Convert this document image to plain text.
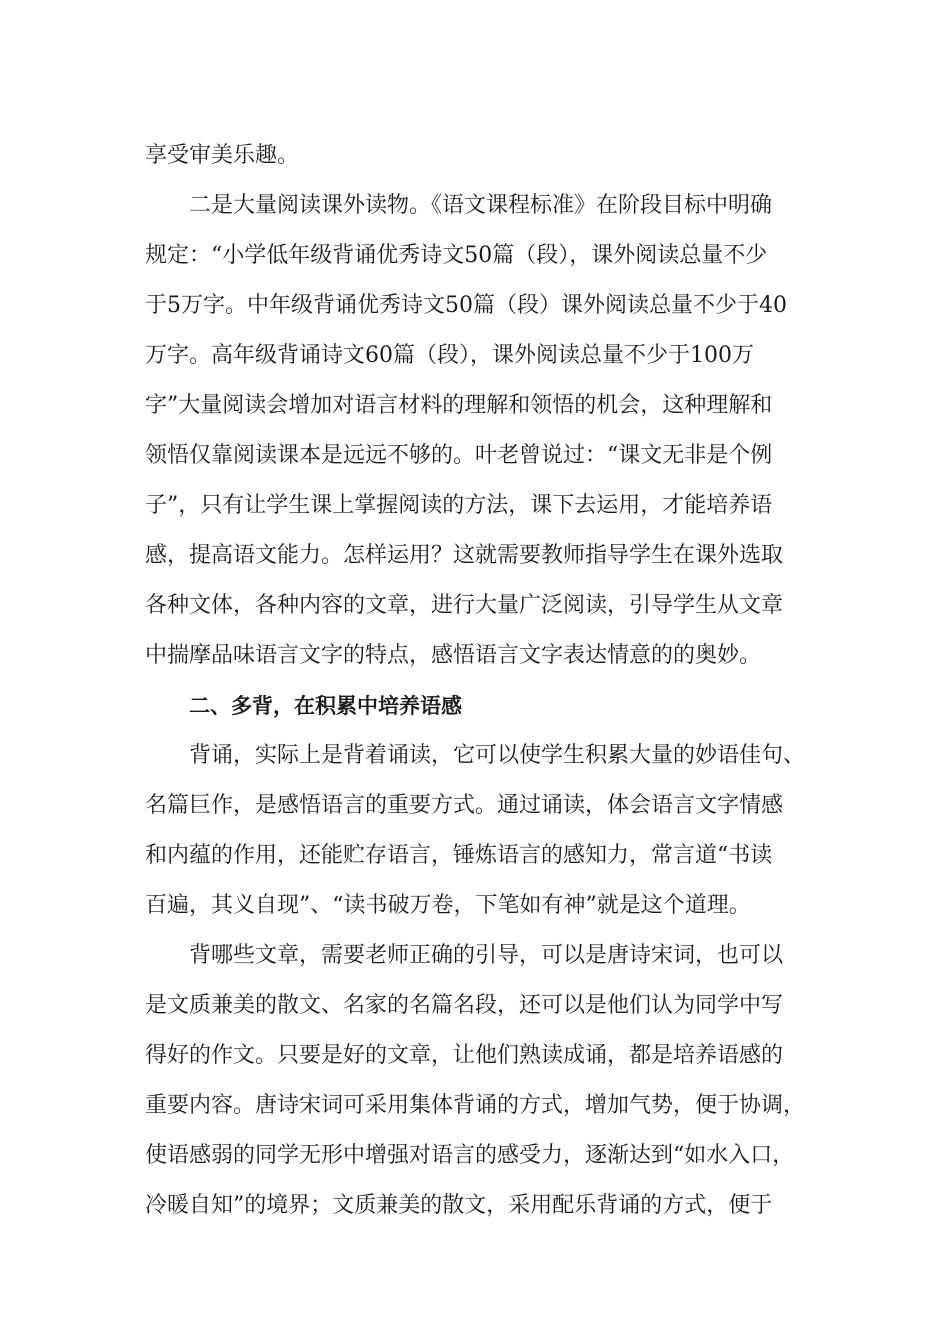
享受审美乐趣。
二是大量阅读课外读物。《语文课程标准》在阶段目标中明确
规定：“小学低年级背诵优秀诗文50篇（段），课外阅读总量不少
于5万字。中年级背诵优秀诗文50篇（段）课外阅读总量不少于40
万字。高年级背诵诗文60篇（段），课外阅读总量不少于100万
字”大量阅读会增加对语言材料的理解和领悟的机会，这种理解和
领悟仅靠阅读课本是远远不够的。叶老曾说过：“课文无非是个例
子”，只有让学生课上掌握阅读的方法，课下去运用，才能培养语
感，提高语文能力。怎样运用？这就需要教师指导学生在课外选取
各种文体，各种内容的文章，进行大量广泛阅读，引导学生从文章
中揣摩品味语言文字的特点，感悟语言文字表达情意的的奥妙。
二、多背，在积累中培养语感
背诵，实际上是背着诵读，它可以使学生积累大量的妙语佳句、
名篇巨作，是感悟语言的重要方式。通过诵读，体会语言文字情感
和内蕴的作用，还能贮存语言，锤炼语言的感知力，常言道“书读
百遍，其义自现”、“读书破万卷，下笔如有神”就是这个道理。
背哪些文章，需要老师正确的引导，可以是唐诗宋词，也可以
是文质兼美的散文、名家的名篇名段，还可以是他们认为同学中写
得好的作文。只要是好的文章，让他们熟读成诵，都是培养语感的
重要内容。唐诗宋词可采用集体背诵的方式，增加气势，便于协调，
使语感弱的同学无形中增强对语言的感受力，逐渐达到“如水入口，
冷暖自知”的境界；文质兼美的散文，采用配乐背诵的方式，便于
